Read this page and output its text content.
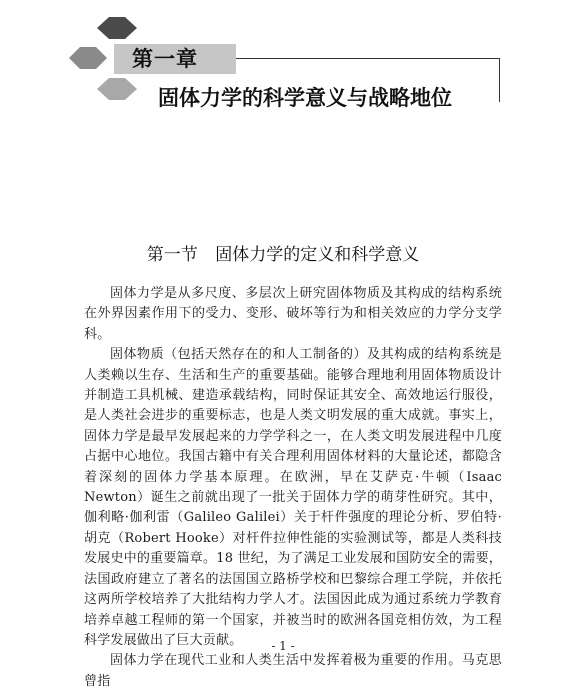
第一章
固体力学的科学意义与战略地位
第一节 固体力学的定义和科学意义

固体力学是从多尺度、多层次上研究固体物质及其构成的结构系统在外界因素作用下的受力、变形、破坏等行为和相关效应的力学分支学科。

固体物质（包括天然存在的和人工制备的）及其构成的结构系统是人类赖以生存、生活和生产的重要基础。能够合理地利用固体物质设计并制造工具机械、建造承载结构，同时保证其安全、高效地运行服役，是人类社会进步的重要标志，也是人类文明发展的重大成就。事实上，固体力学是最早发展起来的力学学科之一，在人类文明发展进程中几度占据中心地位。我国古籍中有关合理利用固体材料的大量论述，都隐含着深刻的固体力学基本原理。在欧洲，早在艾萨克·牛顿（Isaac Newton）诞生之前就出现了一批关于固体力学的萌芽性研究。其中，伽利略·伽利雷（Galileo Galilei）关于杆件强度的理论分析、罗伯特·胡克（Robert Hooke）对杆件拉伸性能的实验测试等，都是人类科技发展史中的重要篇章。18 世纪，为了满足工业发展和国防安全的需要，法国政府建立了著名的法国国立路桥学校和巴黎综合理工学院，并依托这两所学校培养了大批结构力学人才。法国因此成为通过系统力学教育培养卓越工程师的第一个国家，并被当时的欧洲各国竞相仿效，为工程科学发展做出了巨大贡献。

固体力学在现代工业和人类生活中发挥着极为重要的作用。马克思曾指

- 1 -
